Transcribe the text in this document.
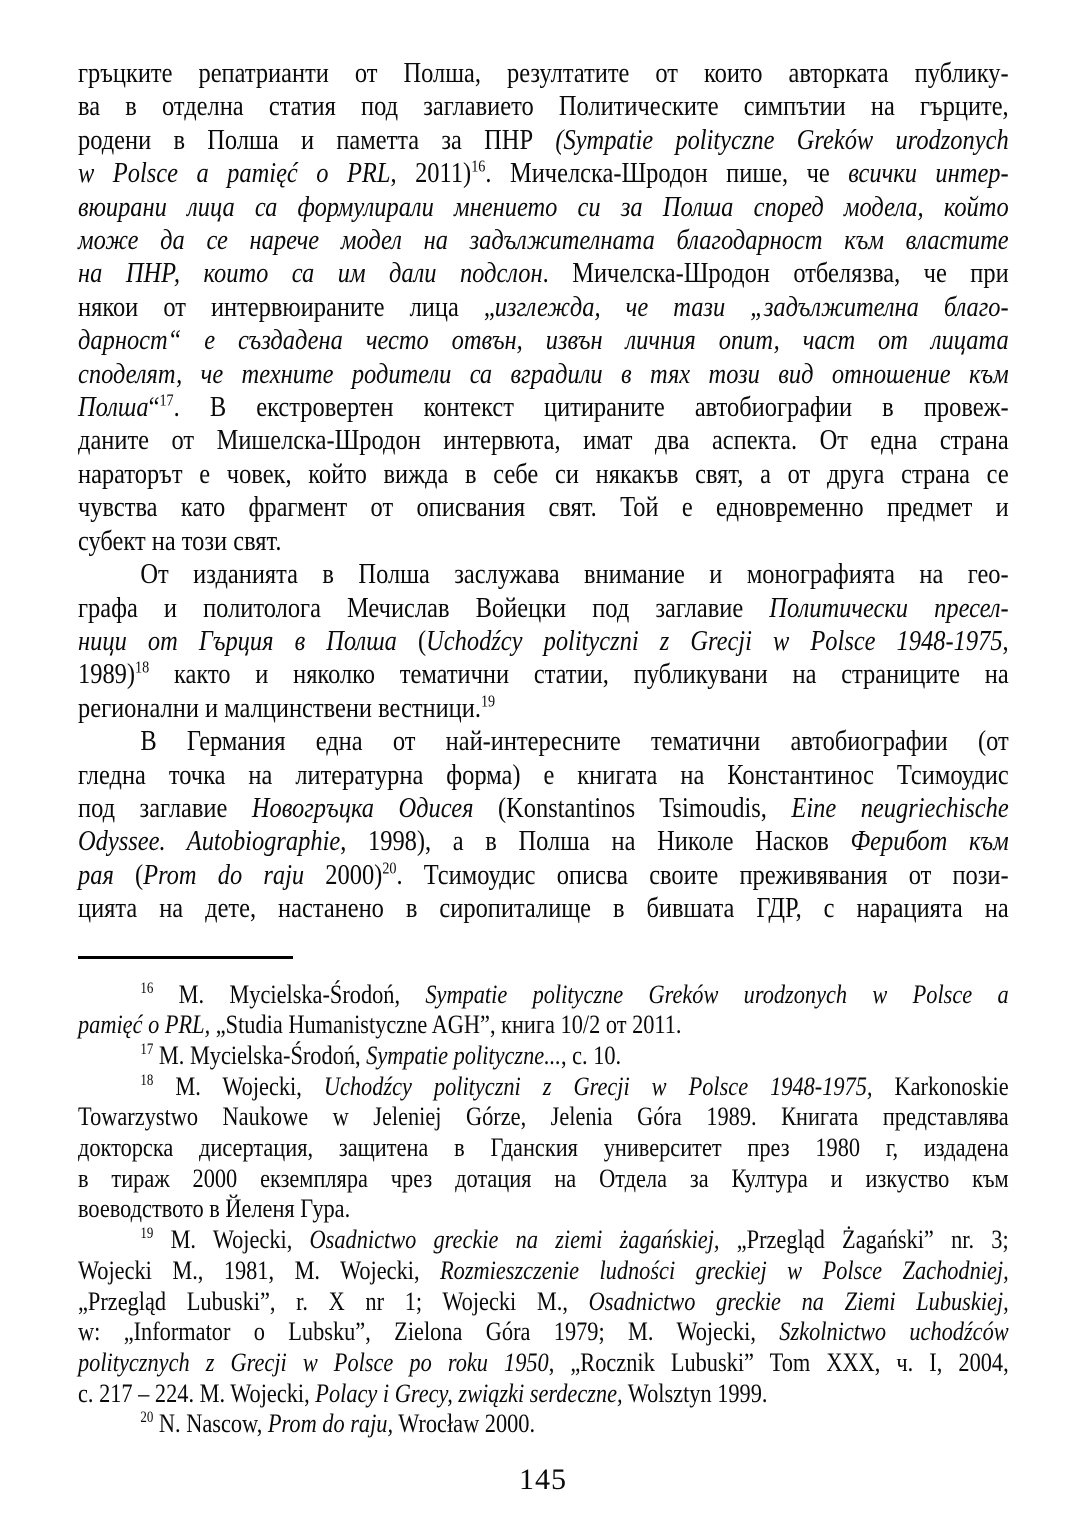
гръцките репатрианти от Полша, резултатите от които авторката публику-
ва в отделна статия под заглавието Политическите симпътии на гърците,
родени в Полша и паметта за ПНР (Sympatie polityczne Greków urodzonych
w Polsce a pamięć o PRL, 2011)$^{16}$. Мичелска-Шродон пише, че всички интер-
вюирани лица са формулирали мнението си за Полша според модела, който
може да се нарече модел на задължителната благодарност към властите
на ПНР, които са им дали подслон. Мичелска-Шродон отбелязва, че при
някои от интервюираните лица „изглежда, че тази „задължителна благо-
дарност“ е създадена често отвън, извън личния опит, част от лицата
споделят, че техните родители са вградили в тях този вид отношение към
Полша“$^{17}$. В екстровертен контекст цитираните автобиографии в провеж-
даните от Мишелска-Шродон интервюта, имат два аспекта. От една страна
нараторът е човек, който вижда в себе си някакъв свят, а от друга страна се
чувства като фрагмент от описвания свят. Той е едновременно предмет и
субект на този свят.
От изданията в Полша заслужава внимание и монографията на гео-
графа и политолога Мечислав Войецки под заглавие Политически пресел-
ници от Гърция в Полша (Uchodźcy polityczni z Grecji w Polsce 1948-1975,
1989)$^{18}$ както и няколко тематични статии, публикувани на страниците на
регионални и малцинствени вестници.$^{19}$
В Германия една от най-интересните тематични автобиографии (от
гледна точка на литературна форма) е книгата на Константинос Тсимоудис
под заглавие Новогръцка Одисея (Konstantinos Tsimoudis, Eine neugriechische
Odyssee. Autobiographie, 1998), а в Полша на Николе Насков Ферибот към
рая (Prom do raju 2000)$^{20}$. Тсимоудис описва своите преживявания от пози-
цията на дете, настанено в сиропиталище в бившата ГДР, с нарацията на
$^{16}$ M. Mycielska-Środoń, Sympatie polityczne Greków urodzonych w Polsce a
pamięć o PRL, „Studia Humanistyczne AGH”, книга 10/2 от 2011.
$^{17}$ M. Mycielska-Środoń, Sympatie polityczne..., с. 10.
$^{18}$ M. Wojecki, Uchodźcy polityczni z Grecji w Polsce 1948-1975, Karkonoskie
Towarzystwo Naukowe w Jeleniej Górze, Jelenia Góra 1989. Книгата представлява
докторска дисертация, защитена в Гданския университет през 1980 г, издадена
в тираж 2000 екземпляра чрез дотация на Отдела за Култура и изкуство към
воеводството в Йеленя Гура.
$^{19}$ M. Wojecki, Osadnictwo greckie na ziemi żagańskiej, „Przegląd Żagański” nr. 3;
Wojecki M., 1981, M. Wojecki, Rozmieszczenie ludności greckiej w Polsce Zachodniej,
„Przegląd Lubuski”, r. X nr 1; Wojecki M., Osadnictwo greckie na Ziemi Lubuskiej,
w: „Informator o Lubsku”, Zielona Góra 1979; M. Wojecki, Szkolnictwo uchodźców
politycznych z Grecji w Polsce po roku 1950, „Rocznik Lubuski” Tom XXX, ч. I, 2004,
с. 217 – 224. M. Wojecki, Polacy i Grecy, związki serdeczne, Wolsztyn 1999.
$^{20}$ N. Nascow, Prom do raju, Wrocław 2000.
145
